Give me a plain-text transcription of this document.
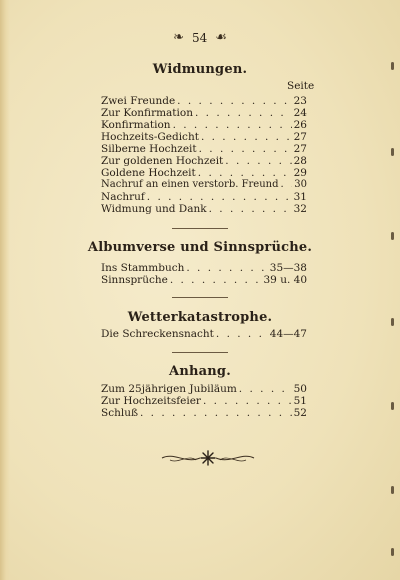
❧ 54 ☙
Widmungen.
Seite
Zwei Freunde . . .	23
Zur Konfirmation . . .	24
Konfirmation . . .	26
Hochzeits-Gedicht . . .	27
Silberne Hochzeit . . .	27
Zur goldenen Hochzeit . . .	28
Goldene Hochzeit . . .	29
Nachruf an einen verstorb. Freund . . . 30
Nachruf . . .	31
Widmung und Dank . . .	32
Albumverse und Sinnsprüche.
Ins Stammbuch . . .	35—38
Sinnsprüche . . .	39 u. 40
Wetterkatastrophe.
Die Schreckensnacht . . .	44—47
Anhang.
Zum 25jährigen Jubiläum . . .	50
Zur Hochzeitsfeier . . .	51
Schluß . . .	52
